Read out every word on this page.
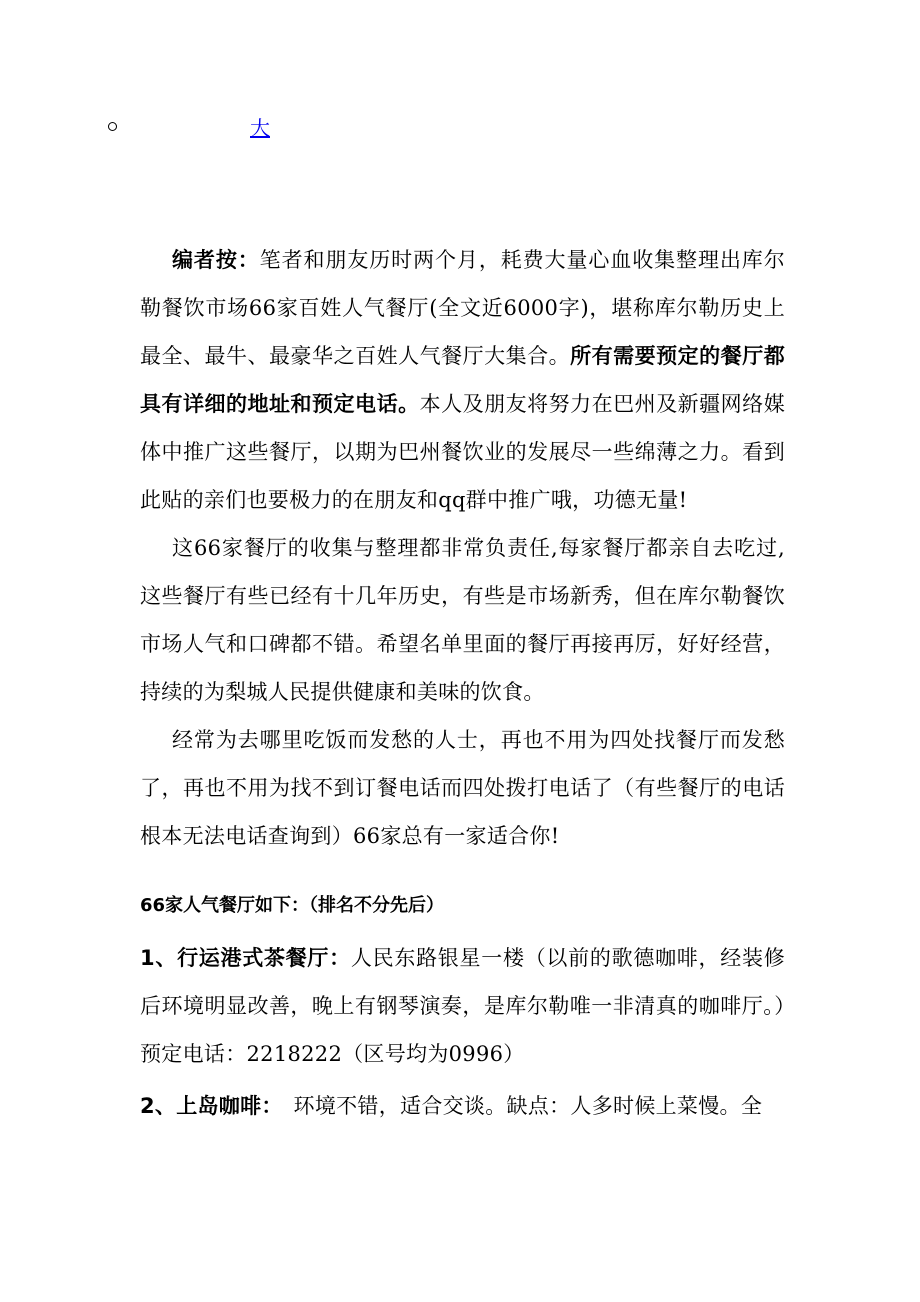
大

编者按：笔者和朋友历时两个月，耗费大量心血收集整理出库尔勒餐饮市场66家百姓人气餐厅(全文近6000字)，堪称库尔勒历史上最全、最牛、最豪华之百姓人气餐厅大集合。所有需要预定的餐厅都具有详细的地址和预定电话。本人及朋友将努力在巴州及新疆网络媒体中推广这些餐厅，以期为巴州餐饮业的发展尽一些绵薄之力。看到此贴的亲们也要极力的在朋友和qq群中推广哦，功德无量!

这66家餐厅的收集与整理都非常负责任,每家餐厅都亲自去吃过,这些餐厅有些已经有十几年历史，有些是市场新秀，但在库尔勒餐饮市场人气和口碑都不错。希望名单里面的餐厅再接再厉，好好经营，持续的为梨城人民提供健康和美味的饮食。

经常为去哪里吃饭而发愁的人士，再也不用为四处找餐厅而发愁了，再也不用为找不到订餐电话而四处拨打电话了（有些餐厅的电话根本无法电话查询到）66家总有一家适合你!

66家人气餐厅如下：（排名不分先后）

1、行运港式茶餐厅：人民东路银星一楼（以前的歌德咖啡，经装修后环境明显改善，晚上有钢琴演奏，是库尔勒唯一非清真的咖啡厅。）预定电话：2218222（区号均为0996）

2、上岛咖啡：　环境不错，适合交谈。缺点：人多时候上菜慢。全
